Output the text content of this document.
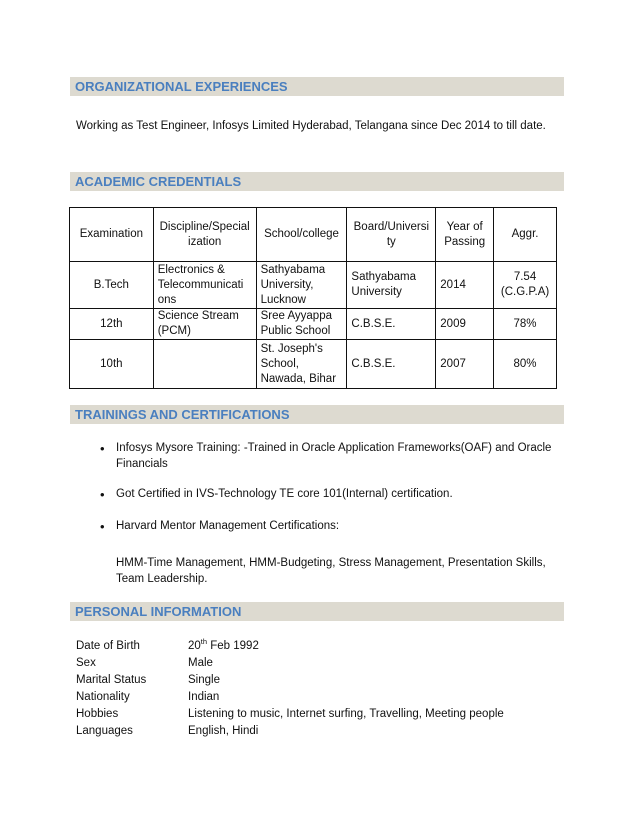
ORGANIZATIONAL EXPERIENCES
Working as Test Engineer, Infosys Limited Hyderabad, Telangana since Dec 2014 to till date.
ACADEMIC CREDENTIALS
Examination	Discipline/Special ization	School/college	Board/Universi ty	Year of Passing	Aggr.
B.Tech	Electronics & Telecommunicati ons	Sathyabama University, Lucknow	Sathyabama University	2014	7.54 (C.G.P.A)
12th	Science Stream (PCM)	Sree Ayyappa Public School	C.B.S.E.	2009	78%
10th		St. Joseph's School, Nawada, Bihar	C.B.S.E.	2007	80%
TRAININGS AND CERTIFICATIONS
• Infosys Mysore Training: -Trained in Oracle Application Frameworks(OAF) and Oracle Financials
• Got Certified in IVS-Technology TE core 101(Internal) certification.
• Harvard Mentor Management Certifications:
HMM-Time Management, HMM-Budgeting, Stress Management, Presentation Skills, Team Leadership.
PERSONAL INFORMATION
Date of Birth	20th Feb 1992
Sex	Male
Marital Status	Single
Nationality	Indian
Hobbies	Listening to music, Internet surfing, Travelling, Meeting people
Languages	English, Hindi
